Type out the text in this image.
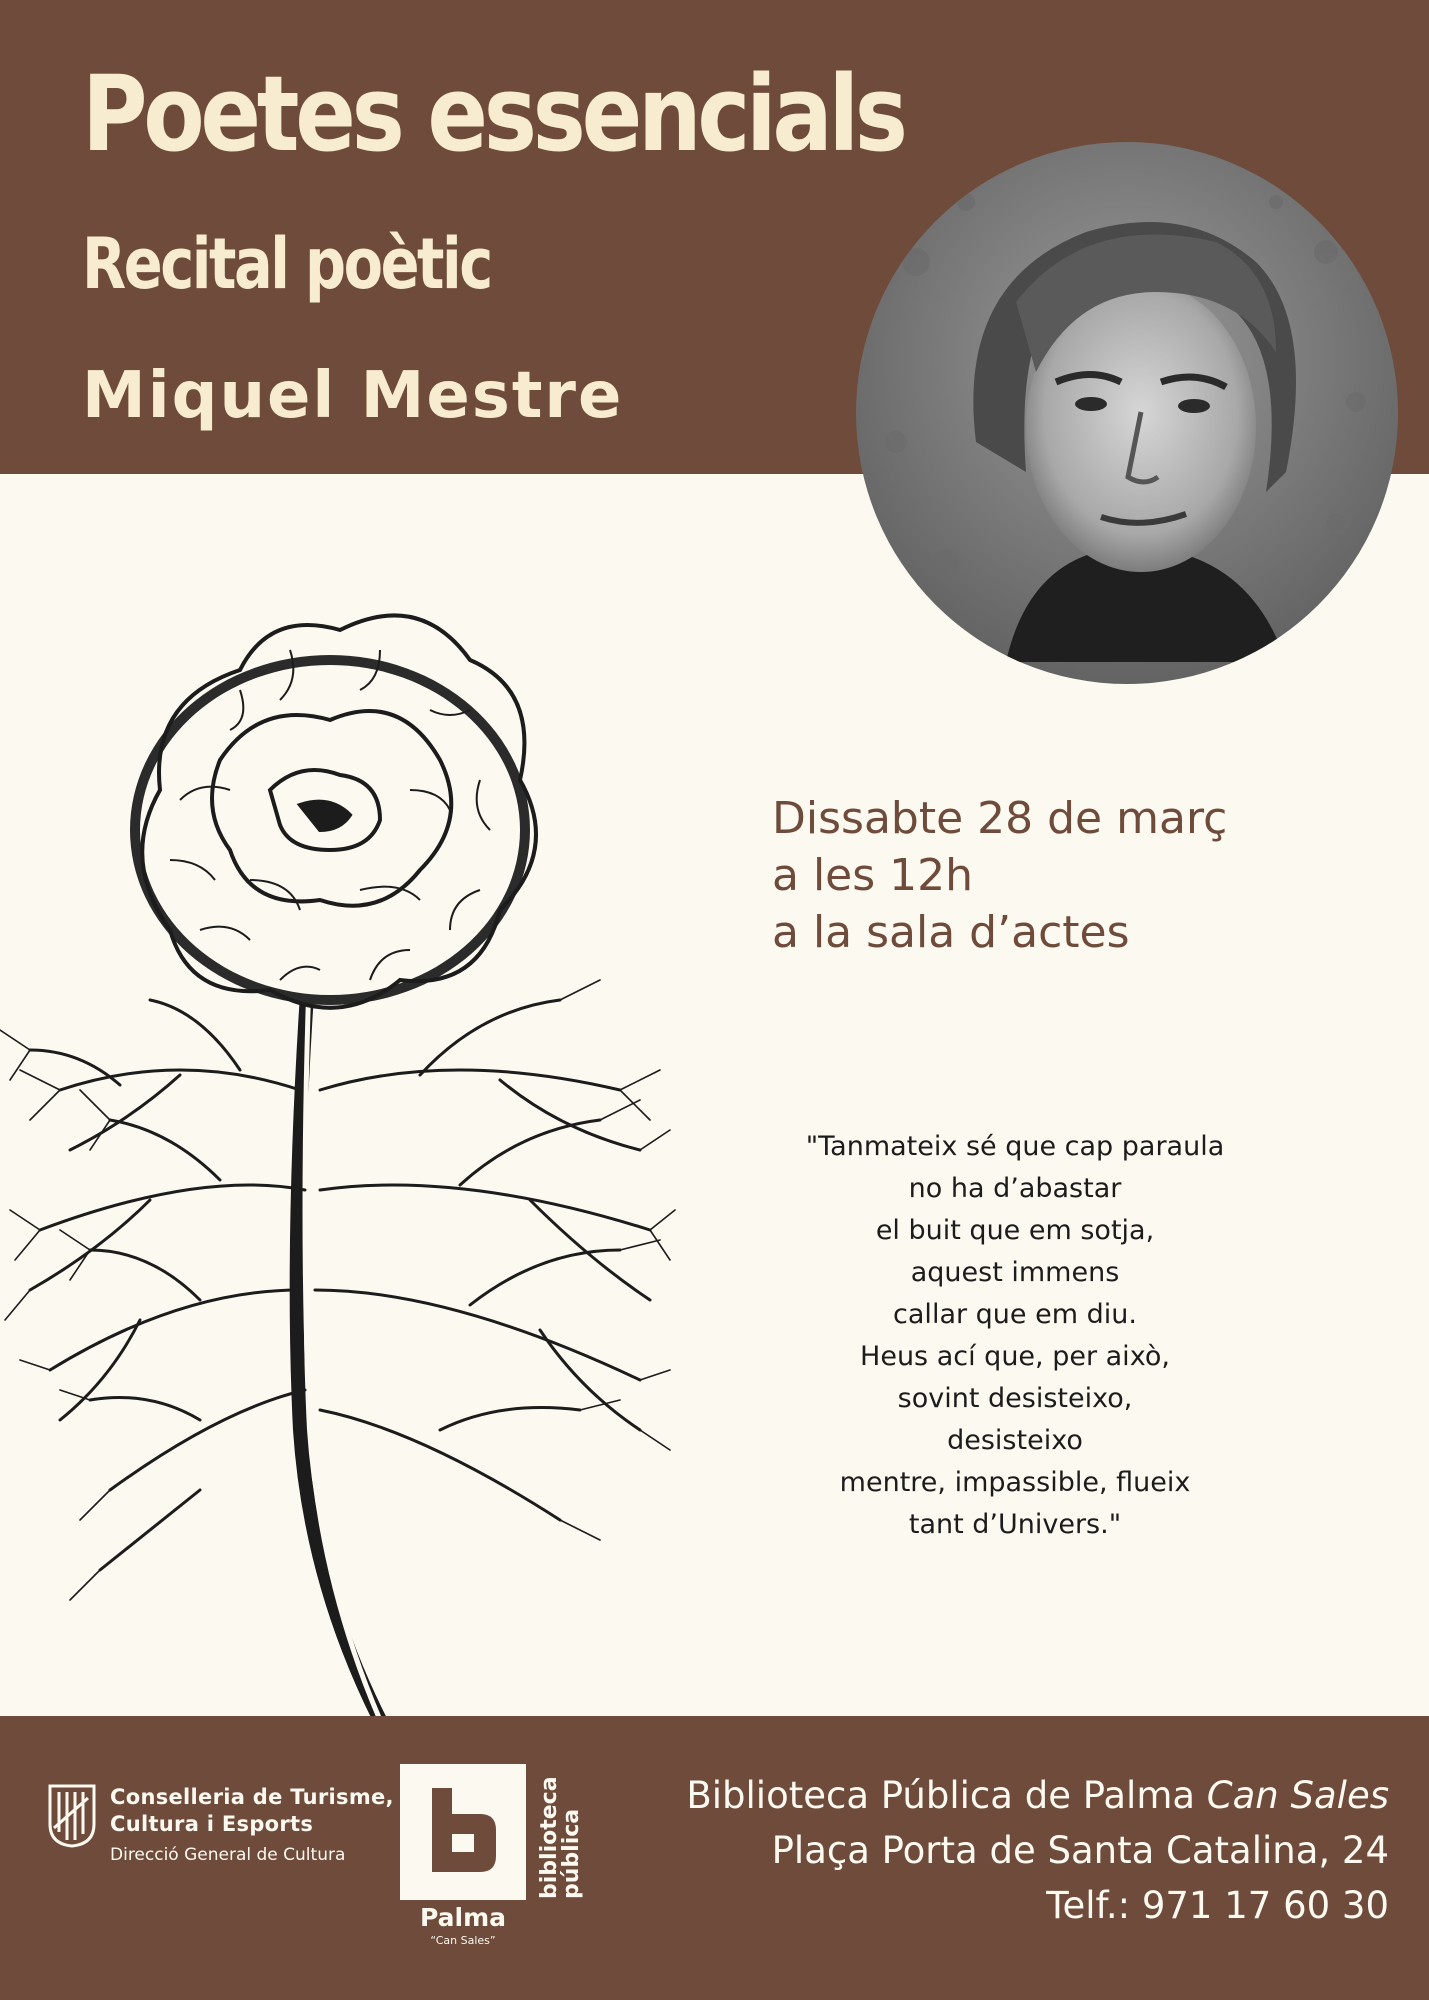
Poetes essencials
Recital poètic
Miquel Mestre
Dissabte 28 de març
a les 12h
a la sala d’actes
"Tanmateix sé que cap paraula
no ha d’abastar
el buit que em sotja,
aquest immens
callar que em diu.
Heus ací que, per això,
sovint desisteixo,
desisteixo
mentre, impassible, flueix
tant d’Univers."
Conselleria de Turisme,
Cultura i Esports
Direcció General de Cultura	biblioteca
pública
Palma
“Can Sales”
Biblioteca Pública de Palma Can Sales
Plaça Porta de Santa Catalina, 24
Telf.: 971 17 60 30
